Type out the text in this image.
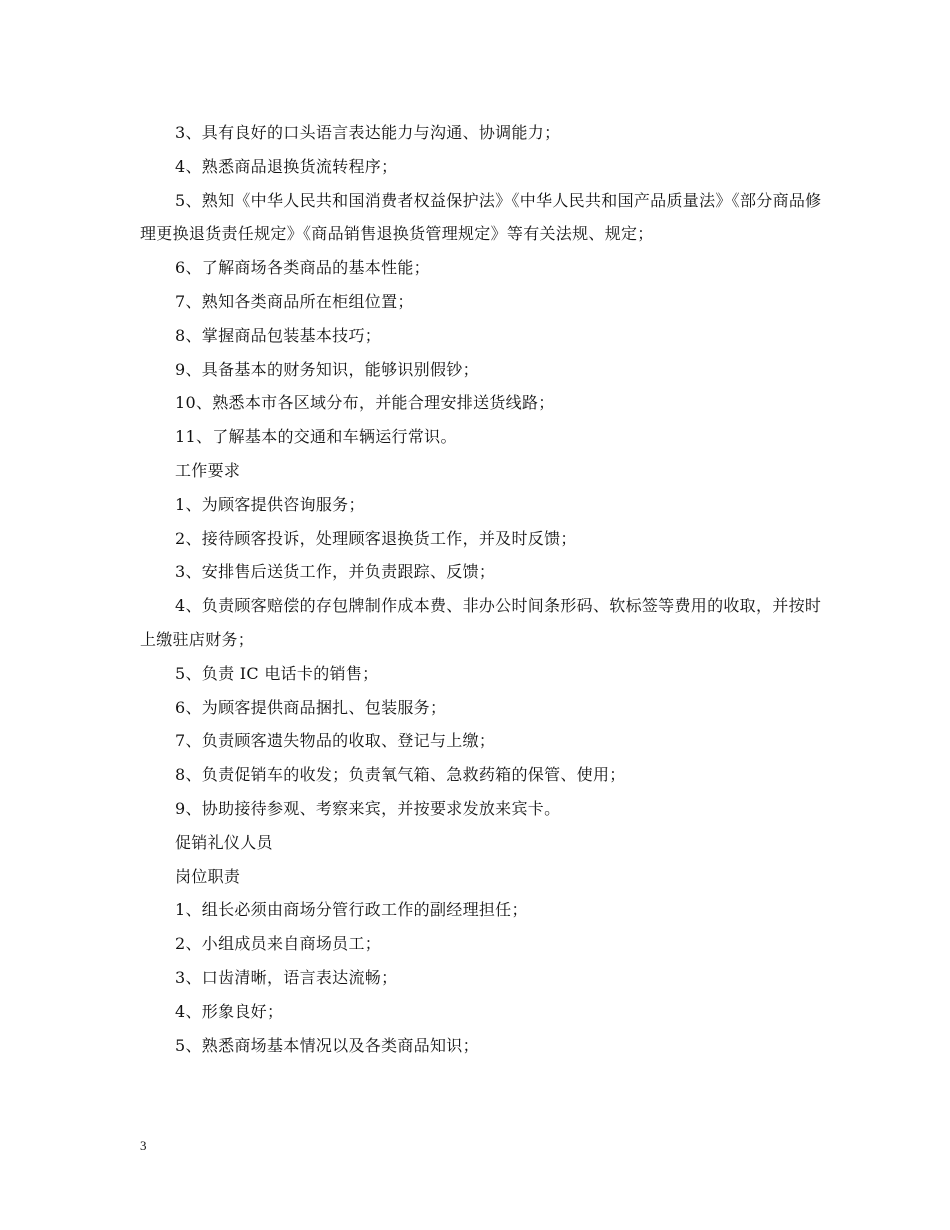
3、具有良好的口头语言表达能力与沟通、协调能力；

4、熟悉商品退换货流转程序；

5、熟知《中华人民共和国消费者权益保护法》《中华人民共和国产品质量法》《部分商品修理更换退货责任规定》《商品销售退换货管理规定》等有关法规、规定；

6、了解商场各类商品的基本性能；

7、熟知各类商品所在柜组位置；

8、掌握商品包装基本技巧；

9、具备基本的财务知识，能够识别假钞；

10、熟悉本市各区域分布，并能合理安排送货线路；

11、了解基本的交通和车辆运行常识。

工作要求

1、为顾客提供咨询服务；

2、接待顾客投诉，处理顾客退换货工作，并及时反馈；

3、安排售后送货工作，并负责跟踪、反馈；

4、负责顾客赔偿的存包牌制作成本费、非办公时间条形码、软标签等费用的收取，并按时上缴驻店财务；

5、负责 IC 电话卡的销售；

6、为顾客提供商品捆扎、包装服务；

7、负责顾客遗失物品的收取、登记与上缴；

8、负责促销车的收发；负责氧气箱、急救药箱的保管、使用；

9、协助接待参观、考察来宾，并按要求发放来宾卡。

促销礼仪人员

岗位职责

1、组长必须由商场分管行政工作的副经理担任；

2、小组成员来自商场员工；

3、口齿清晰，语言表达流畅；

4、形象良好；

5、熟悉商场基本情况以及各类商品知识；

3
